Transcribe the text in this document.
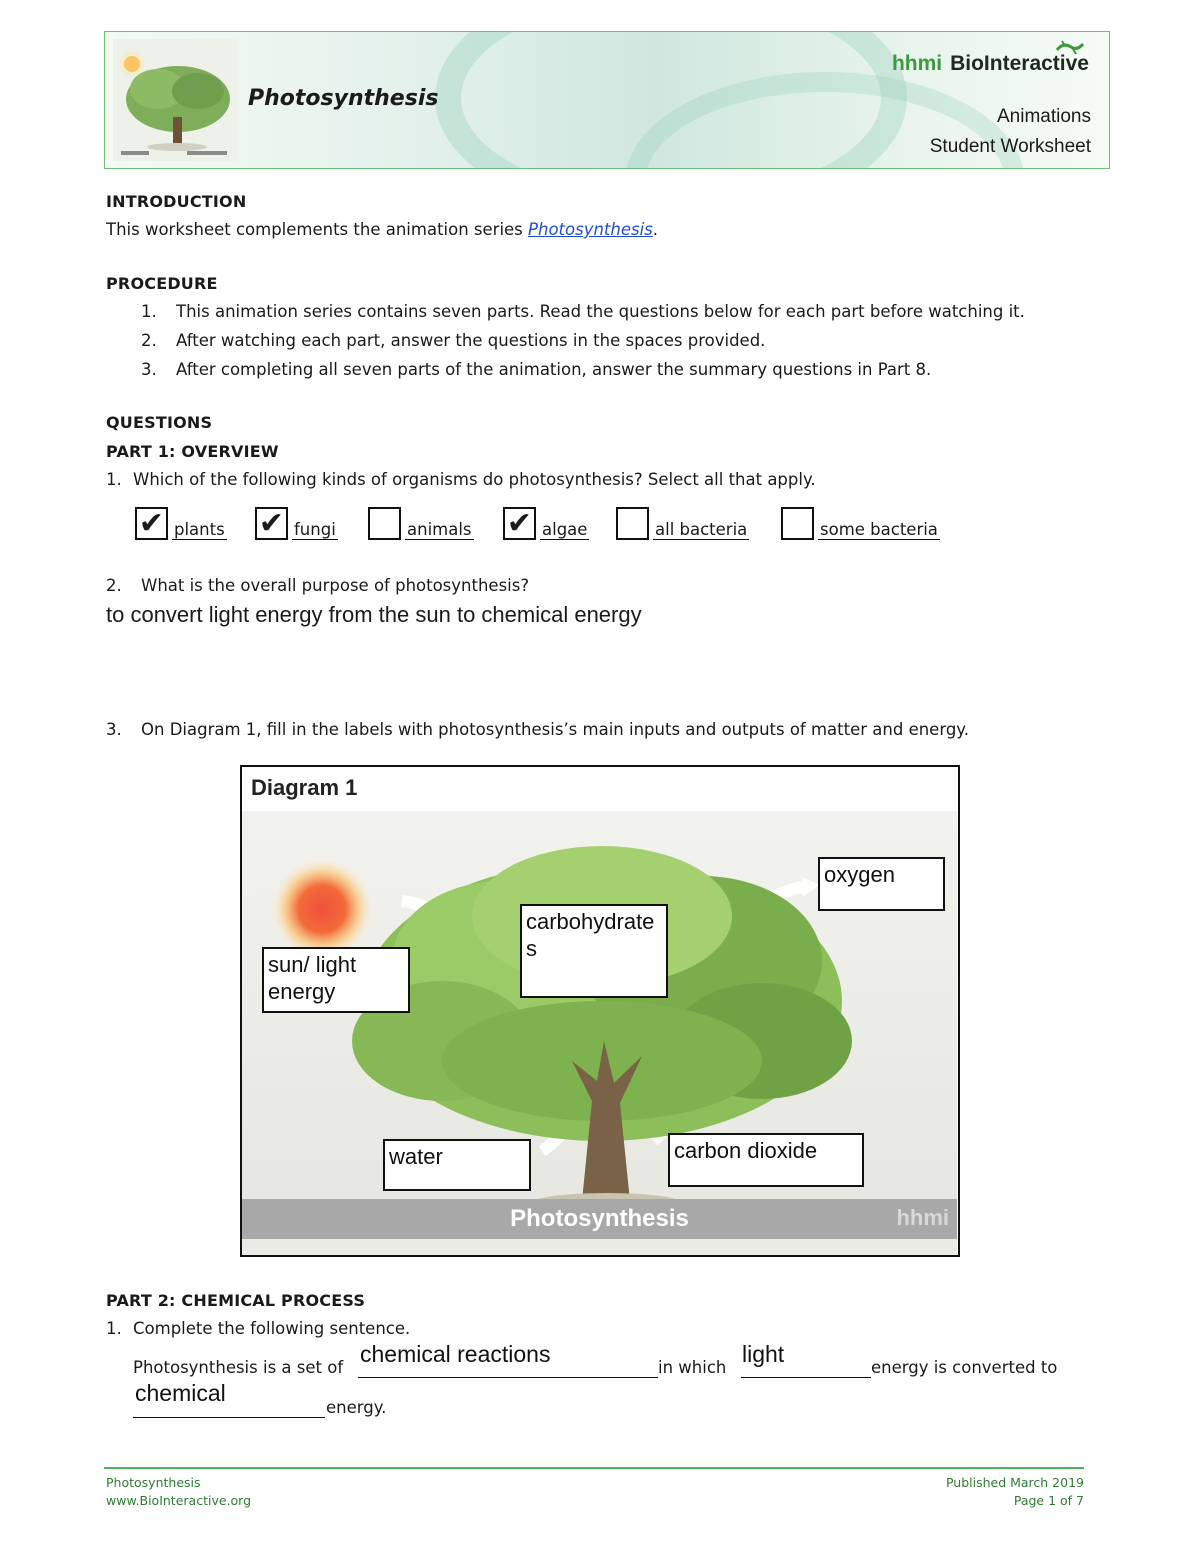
Photosynthesis
hhmi BioInteractive
Animations
Student Worksheet
INTRODUCTION
This worksheet complements the animation series Photosynthesis.
PROCEDURE
1. This animation series contains seven parts. Read the questions below for each part before watching it.
2. After watching each part, answer the questions in the spaces provided.
3. After completing all seven parts of the animation, answer the summary questions in Part 8.
QUESTIONS
PART 1: OVERVIEW
1. Which of the following kinds of organisms do photosynthesis? Select all that apply.
✔ plants ✔ fungi	animals ✔ algae	all bacteria	some bacteria
2. What is the overall purpose of photosynthesis?
to convert light energy from the sun to chemical energy
3. On Diagram 1, fill in the labels with photosynthesis’s main inputs and outputs of matter and energy.
Diagram 1
Photosynthesis	hhmi
sun/ light energy
carbohydrate s
oxygen
carbon dioxide
water
PART 2: CHEMICAL PROCESS
1. Complete the following sentence.
Photosynthesis is a set of
chemical reactions
in which
light
energy is converted to
chemical
energy.
Photosynthesis
www.BioInteractive.org
Published March 2019
Page 1 of 7
